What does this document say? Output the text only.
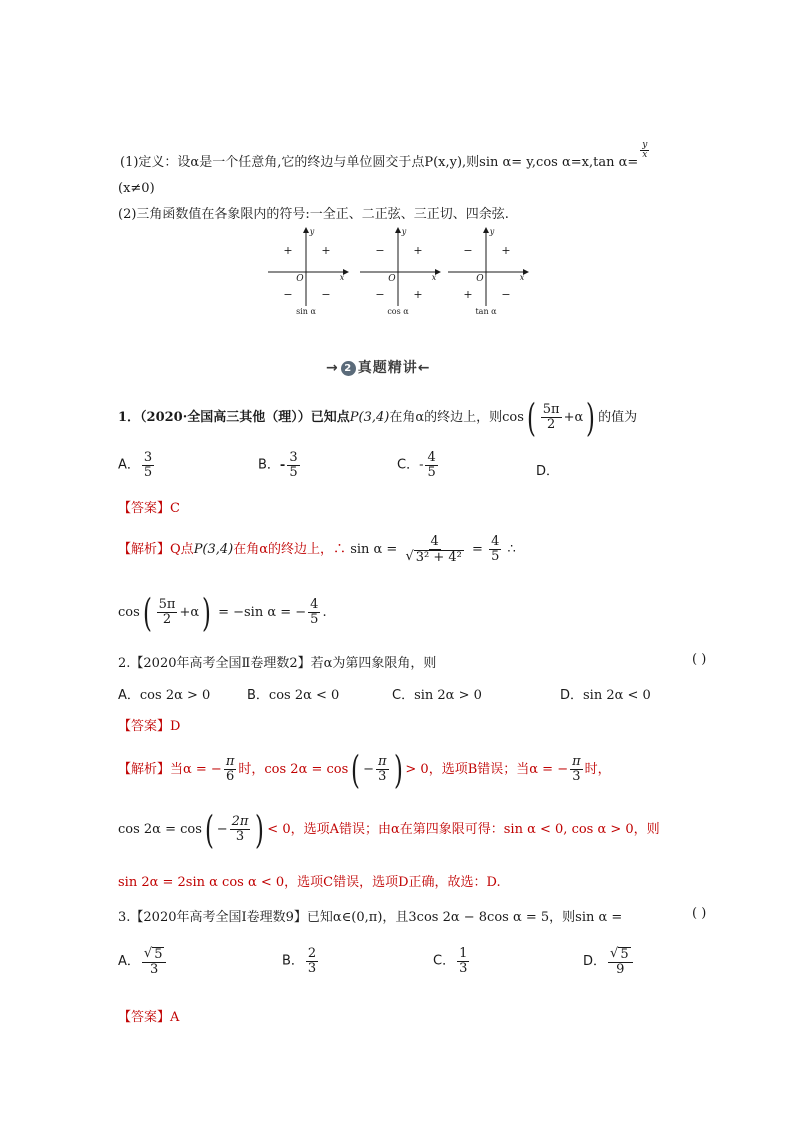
(1)定义：设α是一个任意角,它的终边与单位圆交于点P(x,y),则sin α= y,cos α=x,tan α=
$\frac{y}{x}$
(x≠0)
(2)三角函数值在各象限内的符号:一全正、二正弦、三正切、四余弦.
x
y
O
+
+
−	−
sin α
x
y
O
+
−
−	+
cos α
x
y
O
+
−
+	−
tan α
→ 2 真题精讲←
1．（2020·全国高三其他（理））已知点P(3,4)在角α的终边上，则$\cos( \frac{5\pi}{2} +\alpha)$ 的值为
A． $\frac{3}{5}$	B．- $\frac{3}{5}$	C．- $\frac{4}{5}$	D．
【答案】C
【解析】Q点P(3,4)在角α的终边上，∴ $\sin \alpha = \frac{4}{\text{√ 3² + 4²}} = \frac{4}{5}$ ∴
$\cos( \frac{5\pi}{2} +\alpha) = -\sin$ α = − $\frac{4}{5}$ .
2.【2020年高考全国Ⅱ卷理数2】若α为第四象限角，则	( )
A．cos 2α > 0	B．cos 2α < 0	C．sin 2α > 0	D．sin 2α < 0
【答案】D
【解析】当α = − $\frac{\pi}{6}$ 时，$\cos 2\alpha = \cos( - \frac{\pi}{3}$ ) > 0，选项B错误；当α = − $\frac{\pi}{3}$ 时，
$\cos 2\alpha = \cos( - \frac{2\pi}{3}$ ) < 0，选项A错误；由α在第四象限可得：sin α < 0, cos α > 0，则
sin 2α = 2sin α cos α < 0，选项C错误，选项D正确，故选：D.
3.【2020年高考全国Ⅰ卷理数9】已知α∈(0,π)，且3cos 2α − 8cos α = 5，则sin α =	( )
A． $\frac{√ 5}{3}$	B． $\frac{2}{3}$	C． $\frac{1}{3}$	D． $\frac{√ 5}{9}$
【答案】A
